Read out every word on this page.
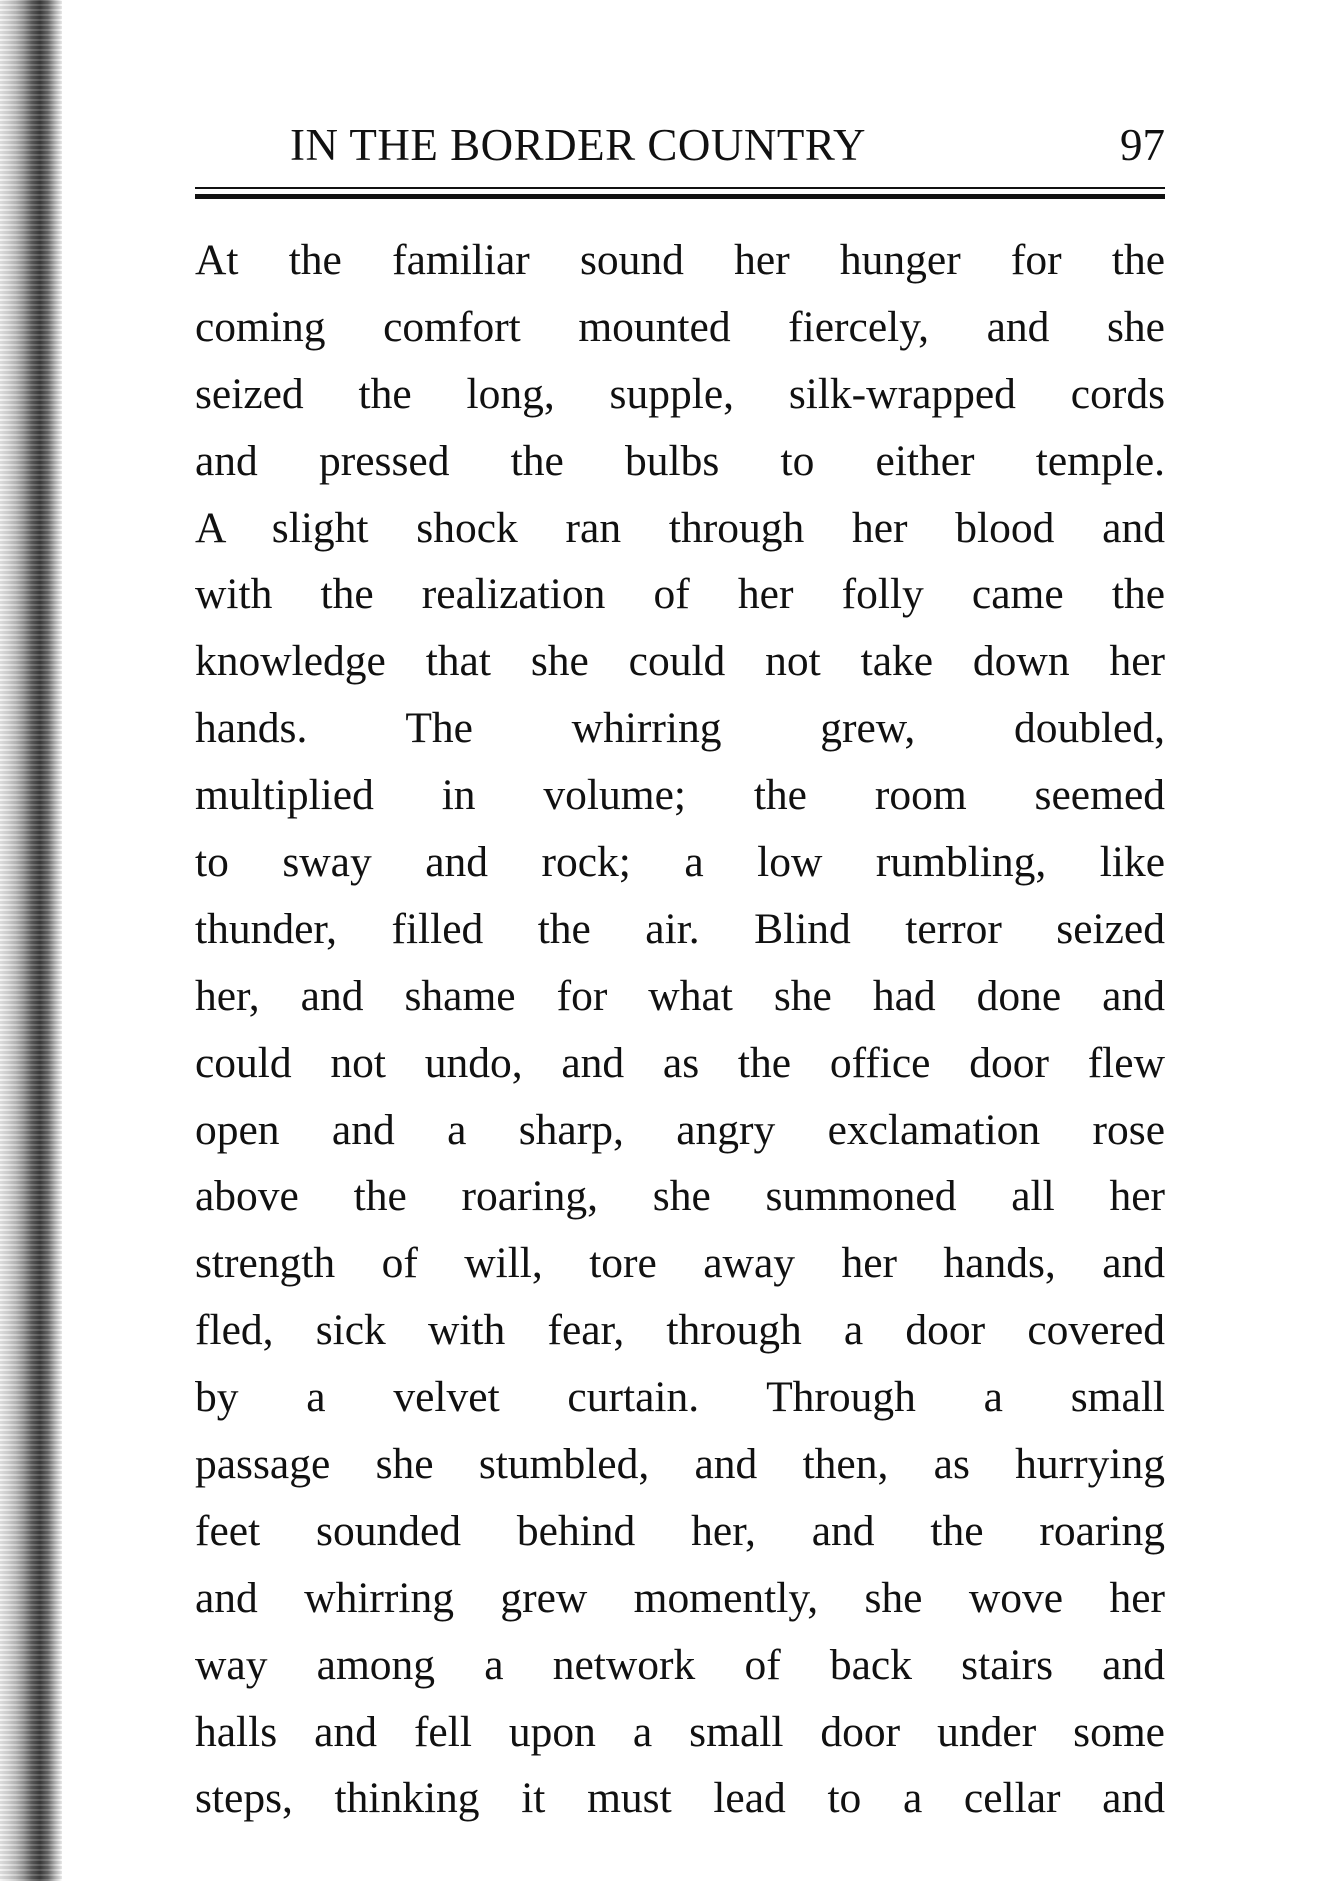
IN THE BORDER COUNTRY	97
At the familiar sound her hunger for the
coming comfort mounted fiercely, and she
seized the long, supple, silk-wrapped cords
and pressed the bulbs to either temple.
A slight shock ran through her blood and
with the realization of her folly came the
knowledge that she could not take down her
hands. The whirring grew, doubled,
multiplied in volume; the room seemed
to sway and rock; a low rumbling, like
thunder, filled the air. Blind terror seized
her, and shame for what she had done and
could not undo, and as the office door flew
open and a sharp, angry exclamation rose
above the roaring, she summoned all her
strength of will, tore away her hands, and
fled, sick with fear, through a door covered
by a velvet curtain. Through a small
passage she stumbled, and then, as hurrying
feet sounded behind her, and the roaring
and whirring grew momently, she wove her
way among a network of back stairs and
halls and fell upon a small door under some
steps, thinking it must lead to a cellar and
